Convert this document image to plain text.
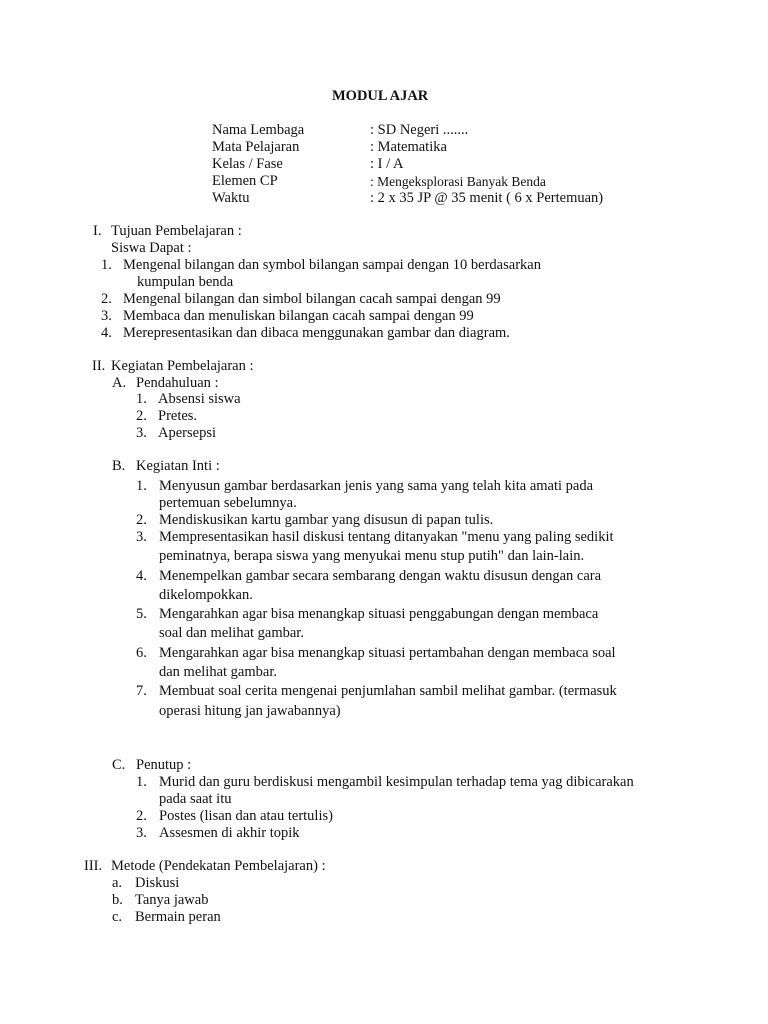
MODUL AJAR
Nama Lembaga	: SD Negeri .......
Mata Pelajaran	: Matematika
Kelas / Fase	: I / A
Elemen CP	: Mengeksplorasi Banyak Benda
Waktu	: 2 x 35 JP @ 35 menit ( 6 x Pertemuan)
I. Tujuan Pembelajaran :
Siswa Dapat :
1. Mengenal bilangan dan symbol bilangan sampai dengan 10 berdasarkan
kumpulan benda
2. Mengenal bilangan dan simbol bilangan cacah sampai dengan 99
3. Membaca dan menuliskan bilangan cacah sampai dengan 99
4. Merepresentasikan dan dibaca menggunakan gambar dan diagram.
II. Kegiatan Pembelajaran :
A. Pendahuluan :
1. Absensi siswa
2. Pretes.
3. Apersepsi
B. Kegiatan Inti :
1. Menyusun gambar berdasarkan jenis yang sama yang telah kita amati pada
pertemuan sebelumnya.
2. Mendiskusikan kartu gambar yang disusun di papan tulis.
3. Mempresentasikan hasil diskusi tentang ditanyakan "menu yang paling sedikit
peminatnya, berapa siswa yang menyukai menu stup putih" dan lain-lain.
4. Menempelkan gambar secara sembarang dengan waktu disusun dengan cara
dikelompokkan.
5. Mengarahkan agar bisa menangkap situasi penggabungan dengan membaca
soal dan melihat gambar.
6. Mengarahkan agar bisa menangkap situasi pertambahan dengan membaca soal
dan melihat gambar.
7. Membuat soal cerita mengenai penjumlahan sambil melihat gambar. (termasuk
operasi hitung jan jawabannya)
C. Penutup :
1. Murid dan guru berdiskusi mengambil kesimpulan terhadap tema yag dibicarakan
pada saat itu
2. Postes (lisan dan atau tertulis)
3. Assesmen di akhir topik
III. Metode (Pendekatan Pembelajaran) :
a. Diskusi
b. Tanya jawab
c. Bermain peran
